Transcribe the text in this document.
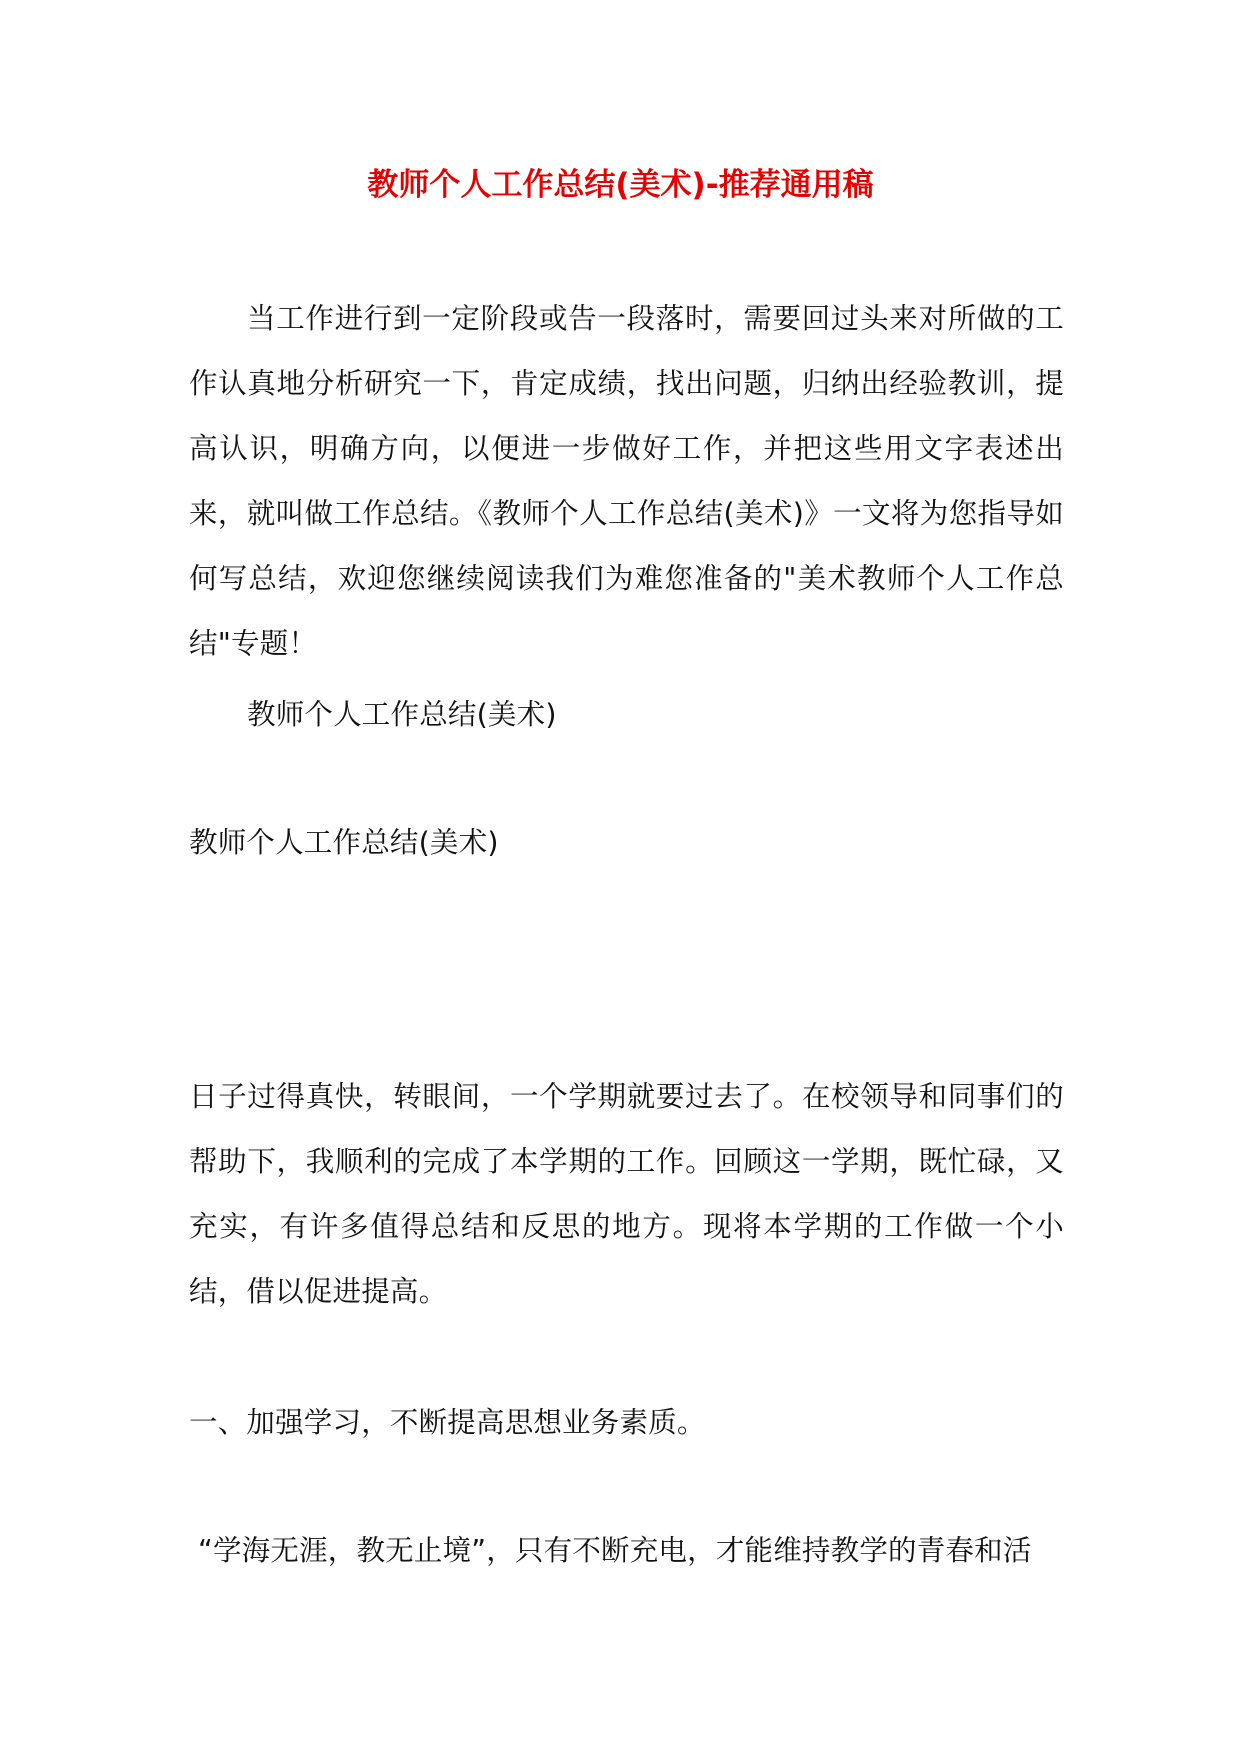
教师个人工作总结(美术)-推荐通用稿

当工作进行到一定阶段或告一段落时，需要回过头来对所做的工作认真地分析研究一下，肯定成绩，找出问题，归纳出经验教训，提高认识，明确方向，以便进一步做好工作，并把这些用文字表述出来，就叫做工作总结。《教师个人工作总结(美术)》一文将为您指导如何写总结，欢迎您继续阅读我们为难您准备的"美术教师个人工作总结"专题！

教师个人工作总结(美术)
教师个人工作总结(美术)

日子过得真快，转眼间，一个学期就要过去了。在校领导和同事们的帮助下，我顺利的完成了本学期的工作。回顾这一学期，既忙碌，又充实，有许多值得总结和反思的地方。现将本学期的工作做一个小结，借以促进提高。

一、加强学习，不断提高思想业务素质。
“学海无涯，教无止境”，只有不断充电，才能维持教学的青春和活
